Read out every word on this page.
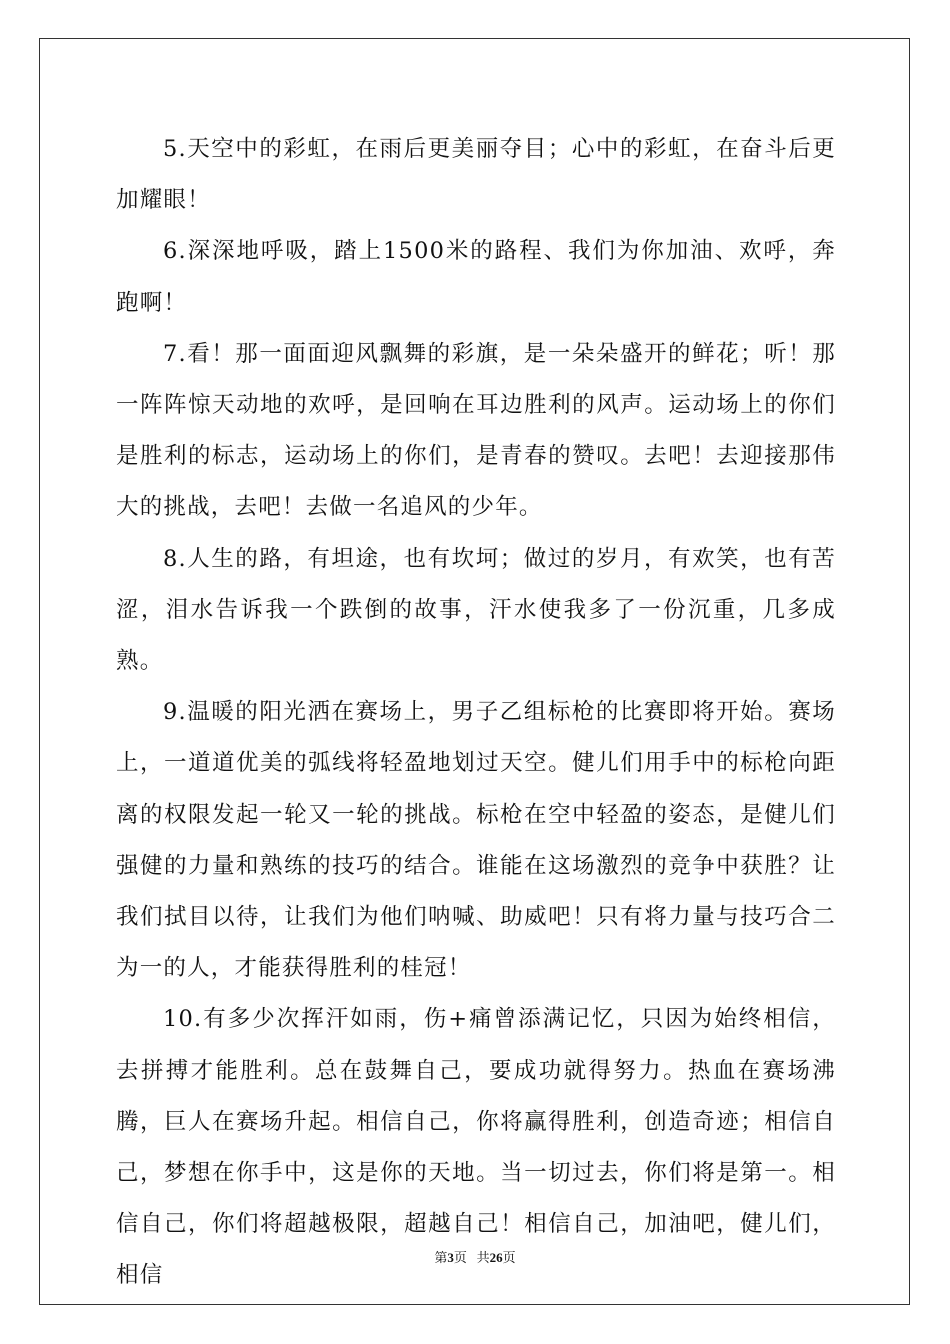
5.天空中的彩虹，在雨后更美丽夺目；心中的彩虹，在奋斗后更加耀眼！

6.深深地呼吸，踏上1500米的路程、我们为你加油、欢呼，奔跑啊！

7.看！那一面面迎风飘舞的彩旗，是一朵朵盛开的鲜花；听！那一阵阵惊天动地的欢呼，是回响在耳边胜利的风声。运动场上的你们是胜利的标志，运动场上的你们，是青春的赞叹。去吧！去迎接那伟大的挑战，去吧！去做一名追风的少年。

8.人生的路，有坦途，也有坎坷；做过的岁月，有欢笑，也有苦涩，泪水告诉我一个跌倒的故事，汗水使我多了一份沉重，几多成熟。

9.温暖的阳光洒在赛场上，男子乙组标枪的比赛即将开始。赛场上，一道道优美的弧线将轻盈地划过天空。健儿们用手中的标枪向距离的权限发起一轮又一轮的挑战。标枪在空中轻盈的姿态，是健儿们强健的力量和熟练的技巧的结合。谁能在这场激烈的竞争中获胜？让我们拭目以待，让我们为他们呐喊、助威吧！只有将力量与技巧合二为一的人，才能获得胜利的桂冠！

10.有多少次挥汗如雨，伤+痛曾添满记忆，只因为始终相信，去拼搏才能胜利。总在鼓舞自己，要成功就得努力。热血在赛场沸腾，巨人在赛场升起。相信自己，你将赢得胜利，创造奇迹；相信自己，梦想在你手中，这是你的天地。当一切过去，你们将是第一。相信自己，你们将超越极限，超越自己！相信自己，加油吧，健儿们，相信

第3页 共26页
